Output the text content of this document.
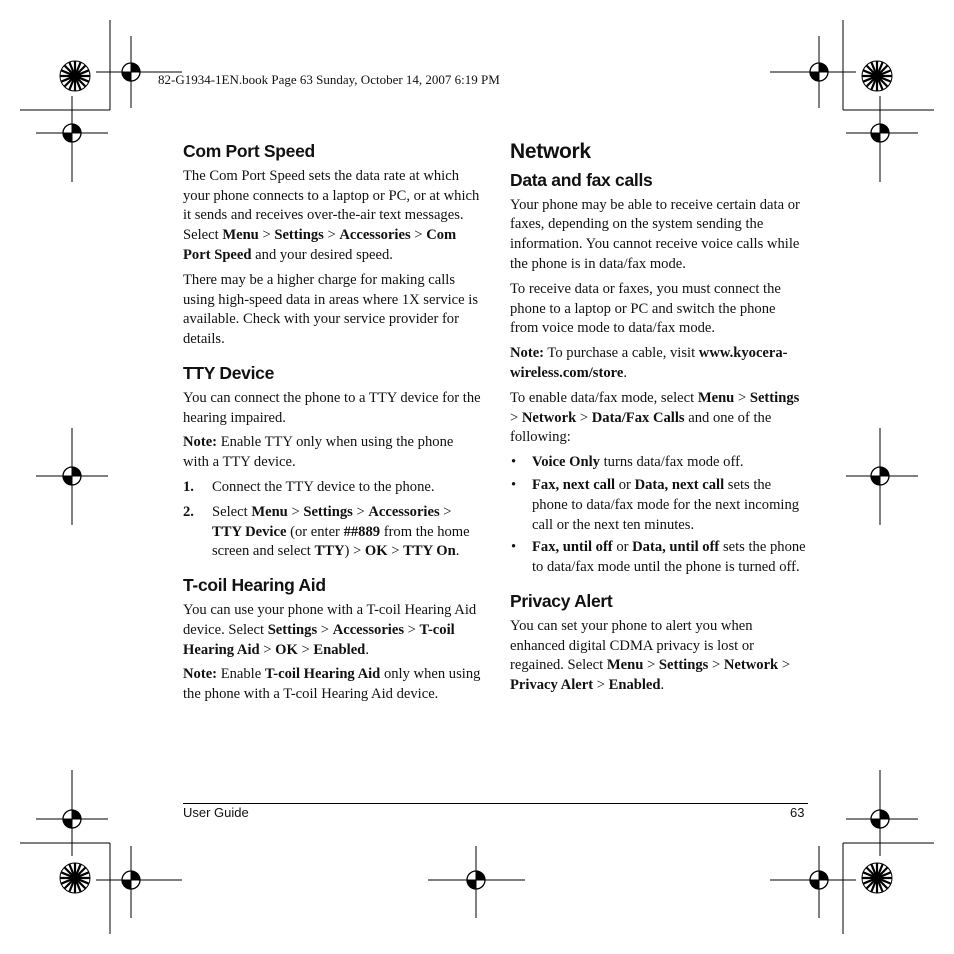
82-G1934-1EN.book Page 63 Sunday, October 14, 2007 6:19 PM
Com Port Speed

The Com Port Speed sets the data rate at which your phone connects to a laptop or PC, or at which it sends and receives over-the-air text messages. Select Menu > Settings > Accessories > Com Port Speed and your desired speed.

There may be a higher charge for making calls using high-speed data in areas where 1X service is available. Check with your service provider for details.

TTY Device

You can connect the phone to a TTY device for the hearing impaired.

Note: Enable TTY only when using the phone with a TTY device.

1. Connect the TTY device to the phone.
2. Select Menu > Settings > Accessories > TTY Device (or enter ##889 from the home screen and select TTY) > OK > TTY On.
T-coil Hearing Aid

You can use your phone with a T-coil Hearing Aid device. Select Settings > Accessories > T-coil Hearing Aid > OK > Enabled.

Note: Enable T-coil Hearing Aid only when using the phone with a T-coil Hearing Aid device.

Network
Data and fax calls

Your phone may be able to receive certain data or faxes, depending on the system sending the information. You cannot receive voice calls while the phone is in data/fax mode.

To receive data or faxes, you must connect the phone to a laptop or PC and switch the phone from voice mode to data/fax mode.

Note: To purchase a cable, visit www.kyocera-wireless.com/store.

To enable data/fax mode, select Menu > Settings > Network > Data/Fax Calls and one of the following:

• Voice Only turns data/fax mode off.
• Fax, next call or Data, next call sets the phone to data/fax mode for the next incoming call or the next ten minutes.
• Fax, until off or Data, until off sets the phone to data/fax mode until the phone is turned off.
Privacy Alert

You can set your phone to alert you when enhanced digital CDMA privacy is lost or regained. Select Menu > Settings > Network > Privacy Alert > Enabled.

User Guide	63
